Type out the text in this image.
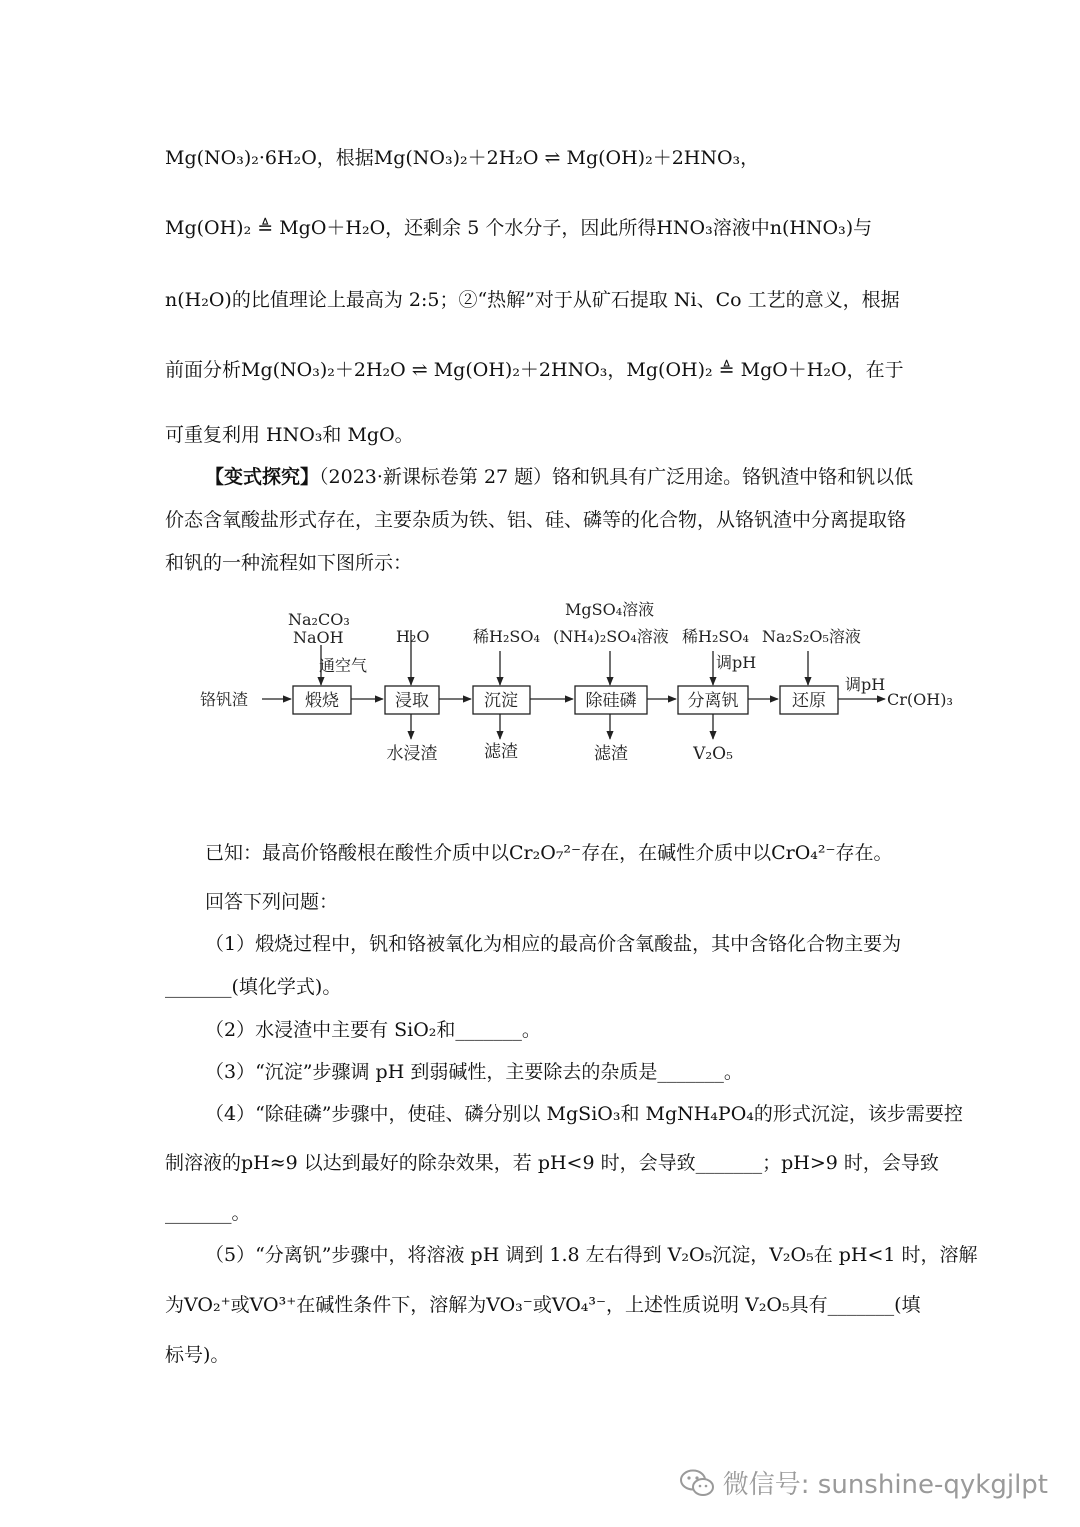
Mg(NO₃)₂·6H₂O，根据Mg(NO₃)₂＋2H₂O ⇌ Mg(OH)₂＋2HNO₃，
Mg(OH)₂ ≜ MgO＋H₂O，还剩余 5 个水分子，因此所得HNO₃溶液中n(HNO₃)与
n(H₂O)的比值理论上最高为 2:5；②“热解”对于从矿石提取 Ni、Co 工艺的意义，根据
前面分析Mg(NO₃)₂＋2H₂O ⇌ Mg(OH)₂＋2HNO₃，Mg(OH)₂ ≜ MgO＋H₂O，在于
可重复利用 HNO₃和 MgO。
【变式探究】（2023·新课标卷第 27 题）铬和钒具有广泛用途。铬钒渣中铬和钒以低
价态含氧酸盐形式存在，主要杂质为铁、铝、硅、磷等的化合物，从铬钒渣中分离提取铬
和钒的一种流程如下图所示：
煅烧	浸取	沉淀	除硅磷	分离钒	还原
铬钒渣	Cr(OH)₃
调pH
Na₂CO₃
NaOH
通空气
H₂O	稀H₂SO₄
MgSO₄溶液
(NH₄)₂SO₄溶液 稀H₂SO₄
调pH
Na₂S₂O₅溶液
水浸渣	滤渣	滤渣	V₂O₅
已知：最高价铬酸根在酸性介质中以Cr₂O₇²⁻存在，在碱性介质中以CrO₄²⁻存在。
回答下列问题：
（1）煅烧过程中，钒和铬被氧化为相应的最高价含氧酸盐，其中含铬化合物主要为
_______(填化学式)。
（2）水浸渣中主要有 SiO₂和_______。
（3）“沉淀”步骤调 pH 到弱碱性，主要除去的杂质是_______。
（4）“除硅磷”步骤中，使硅、磷分别以 MgSiO₃和 MgNH₄PO₄的形式沉淀，该步需要控
制溶液的pH≈9 以达到最好的除杂效果，若 pH<9 时，会导致_______；pH>9 时，会导致
_______。
（5）“分离钒”步骤中，将溶液 pH 调到 1.8 左右得到 V₂O₅沉淀，V₂O₅在 pH<1 时，溶解
为VO₂⁺或VO³⁺在碱性条件下，溶解为VO₃⁻或VO₄³⁻，上述性质说明 V₂O₅具有_______(填
标号)。
微信号: sunshine-qykgjlpt
